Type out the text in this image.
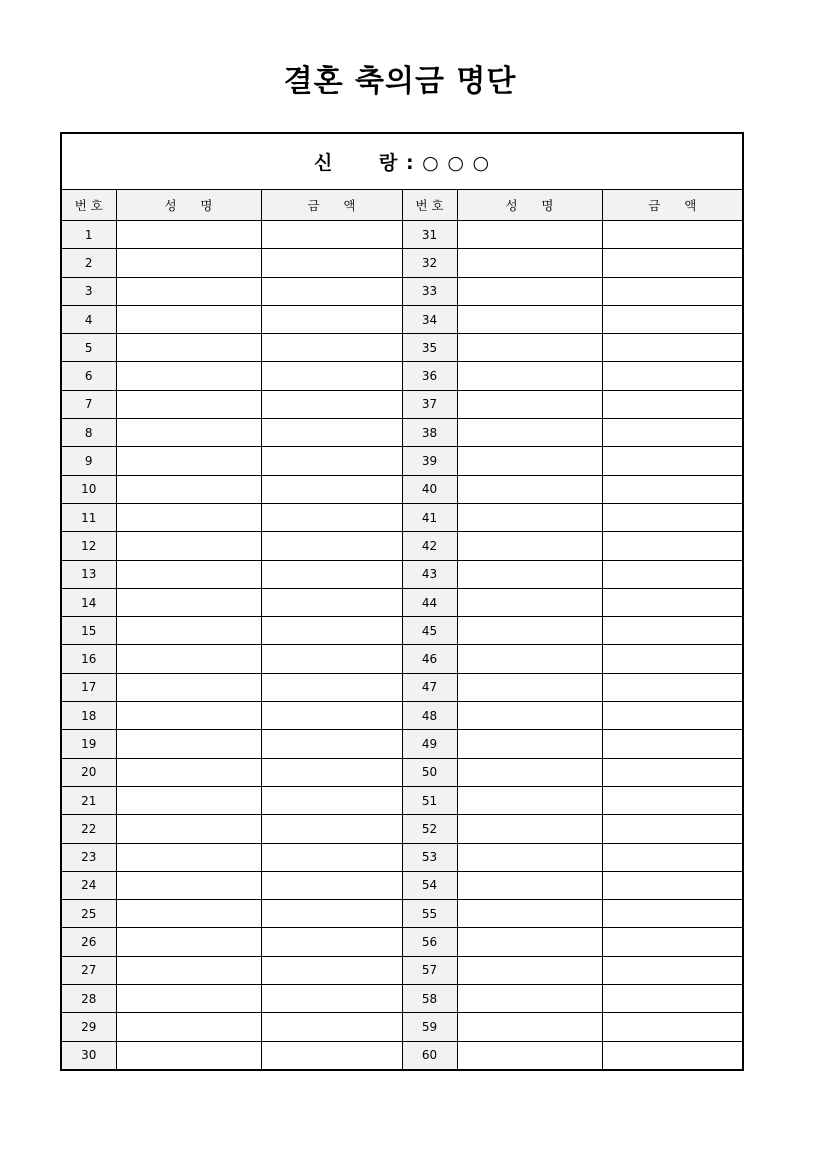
결혼 축의금 명단
신      랑 : ○ ○ ○					
번 호	성      명	금      액	번 호	성      명	금      액
1			31		
2			32		
3			33		
4			34		
5			35		
6			36		
7			37		
8			38		
9			39		
10			40		
11			41		
12			42		
13			43		
14			44		
15			45		
16			46		
17			47		
18			48		
19			49		
20			50		
21			51		
22			52		
23			53		
24			54		
25			55		
26			56		
27			57		
28			58		
29			59		
30			60		
